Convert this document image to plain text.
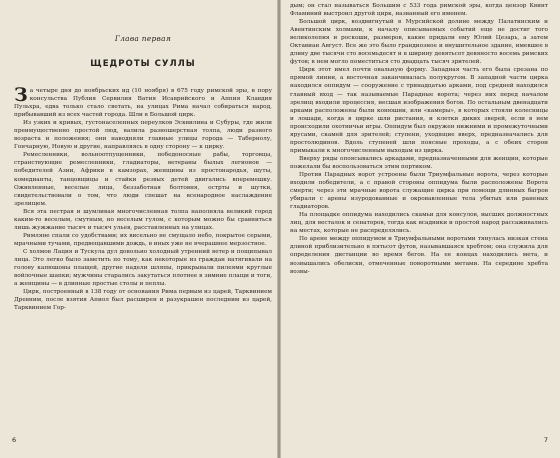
Глава первая
ЩЕДРОТЫ СУЛЛЫ

За четыре дня до ноябрьских ид (10 ноября) в 675 году римской эры, в пору консульства Публия Сервилия Ватия Исаврийского и Аппия Клавдия Пульхра, едва только стало светать, на улицах Рима начал собираться народ, прибывавший из всех частей города. Шли в Большой цирк.

Из узких и кривых, густонаселенных переулков Эсквилина и Субуры, где жили преимущественно простой люд, валила разношерстная толпа, люди разного возраста и положения; они наводняли главные улицы города — Табернолу, Гончарную, Новую и другие, направляясь в одну сторону — к цирку.

Ремесленники, вольноотпущенники, победоносные рабы, торговцы, странствующие ремесленники, гладиаторы, ветераны былых легионов — победителей Азии, Африки в камзорах, женщины из простонародья, шуты, комедианты, танцовщицы и стайки резвых детей двигались вперемешку. Оживленные, веселые лица, беззаботная болтовня, острты и шутки, свидетельствовали о том, что люди спешат на всенародное наслаждение зрелищем.

Вся эта пестрая и шумливая многочисленная толпа наполняла великий город каким-то веселым, смутным, но веселым гулом, с которым можно бы сравниться лишь жужжание тысяч и тысяч ульев, расставленных на улицах.

Римляне спали со удобствами; их висельно не смущало небо, покрытое серыми, мрачными тучами, предвещавшими дождь, в иных уже не вчерашнее мерзостное.

С холмов Лация и Тускула дул довольно холодный утренний ветер и пощипывал лица. Это легко было заметить по тому, как некоторые из граждан натягивали на голову капюшоны плащей, другие надели шляпы, прикрывали пилеями круглые войлочные шапки; мужчины старались закутаться плотнее в зимние плащи и тоги, а женщины — в длинные простые столы и пеплы.

Цирк, построенный в 138 году от основания Рима первым из царей, Тарквинием Древним, после взятия Апиол был расширен и разукрашен последним из царей, Тарквинием Гор-

6

дым; он стал называться Большим с 533 года римской эры, когда цензор Квинт Фламиний выстроил другой цирк, названный его именем.

Большой цирк, воздвигнутый в Мурсийской долине между Палатинским и Авентинским холмами, к началу описываемых событий еще не достиг того великолепия и роскоши, размеров, какие придали ему Юлий Цезарь, а затем Октавиан Август. Все же это было грандиозное и внушительное здание, имевшее в длину две тысячи сто восемьдесят и в ширину девятьсот девяносто восемь римских футов; в нем могло поместиться сто двадцать тысяч зрителей.

Цирк этот имел почти овальную форму. Западная часть его была срезана по прямой линии, а восточная заканчивалась полукругом. В западной части цирка находился оппидум — сооружение с тринадцатью арками, под средней находился главный вход — так называемые Парадные ворота; через них перед началом зрелищ входили процессия, несшая изображения богов. По остальным двенадцати арками расположены были конюшни, или «камеры», в которых стояли колесницы и лошади, когда в цирке шли ристания, и клетки диких зверей, если в нем происходили охотничьи игры. Оппидум был окружен нижними и промежуточными ярусами, скамей для зрителей; ступени, уходящие вверх, предназначались для простолюдинов. Вдоль ступеней шли поясные проходы, а с обеих сторон примыкали к многочисленным выходам из цирка.

Вверху ряды опоясывались аркадами, предназначенными для женщин, которые пожелали бы воспользоваться этим портиком.

Против Парадных ворот устроены были Триумфальные ворота, через которые входили победители, а с правой стороны оппидума были расположены Ворота смерти; через эти мрачные ворота служащие цирка при помощи длинных багров убирали с арены изуродованные и окровавленные тела убитых или раненых гладиаторов.

На площадке оппидума находились скамьи для консулов, высших должностных лиц, для весталок и сенаторов, тогда как всадники и простой народ рассаживались на местах, которые не распределялись.

По арене между оппидумом и Триумфальными воротами тянулась низкая стена длиной приблизительно в пятьсот футов, называвшаяся хребтом; она служила для определения дистанции во время бегов. На ее концах находились мета, и возвышались обелиски, отмеченные поворотными метами. На середине хребта возвы-

7
